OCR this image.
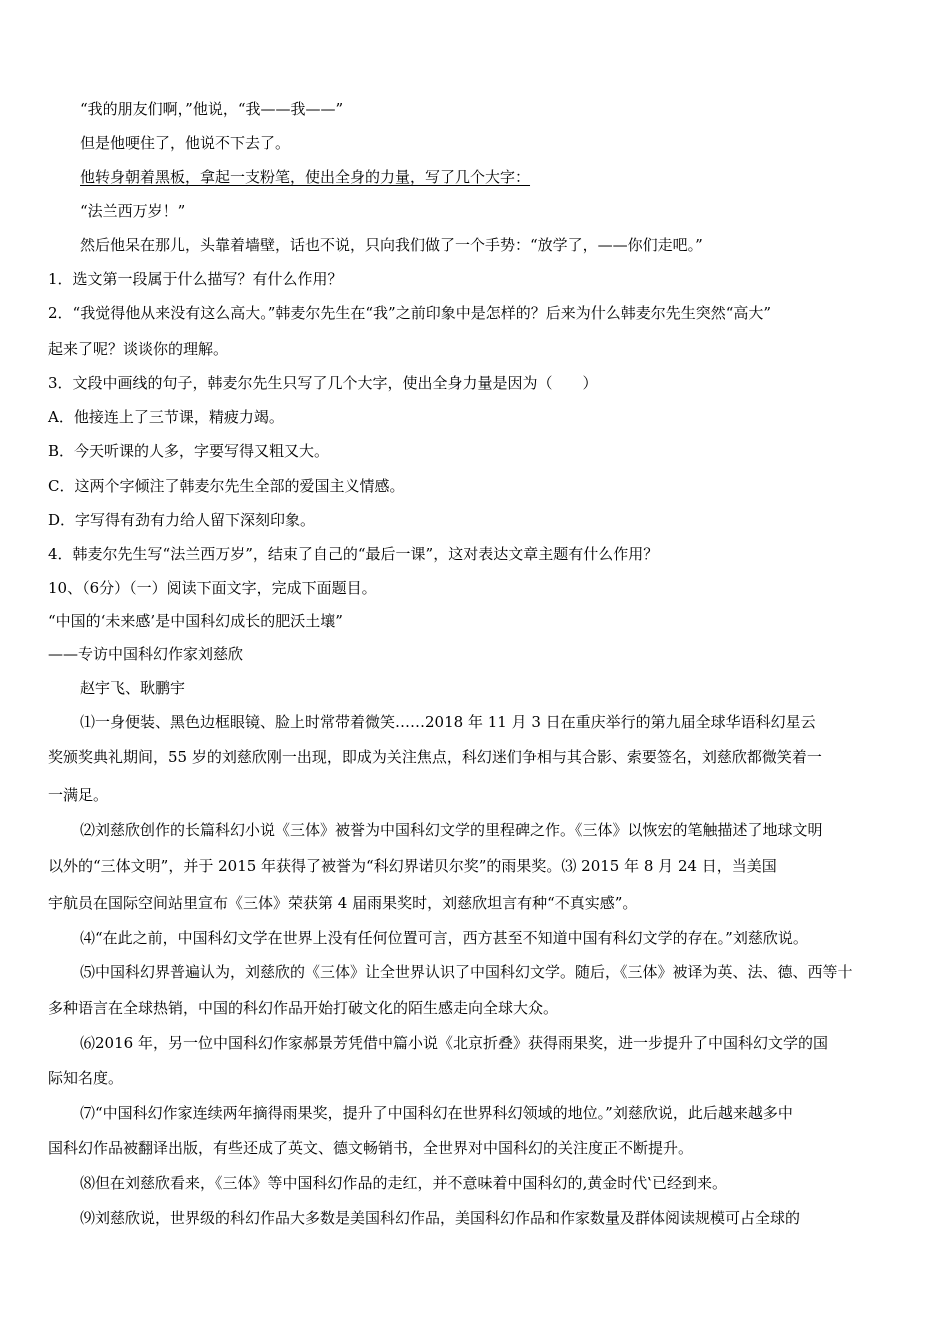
“我的朋友们啊，”他说，“我——我——”
但是他哽住了，他说不下去了。
他转身朝着黑板，拿起一支粉笔，使出全身的力量，写了几个大字：
“法兰西万岁！”
然后他呆在那儿，头靠着墙壁，话也不说，只向我们做了一个手势：“放学了，——你们走吧。”
1．选文第一段属于什么描写？有什么作用？
2．“我觉得他从来没有这么高大。”韩麦尔先生在“我”之前印象中是怎样的？后来为什么韩麦尔先生突然“高大”
起来了呢？谈谈你的理解。
3．文段中画线的句子，韩麦尔先生只写了几个大字，使出全身力量是因为（　　）
A．他接连上了三节课，精疲力竭。
B．今天听课的人多，字要写得又粗又大。
C．这两个字倾注了韩麦尔先生全部的爱国主义情感。
D．字写得有劲有力给人留下深刻印象。
4．韩麦尔先生写“法兰西万岁”，结束了自己的“最后一课”，这对表达文章主题有什么作用？
10、（6分）（一）阅读下面文字，完成下面题目。
“中国的‘未来感’是中国科幻成长的肥沃土壤”
——专访中国科幻作家刘慈欣
赵宇飞、耿鹏宇
⑴一身便装、黑色边框眼镜、脸上时常带着微笑……2018 年 11 月 3 日在重庆举行的第九届全球华语科幻星云
奖颁奖典礼期间，55 岁的刘慈欣刚一出现，即成为关注焦点，科幻迷们争相与其合影、索要签名，刘慈欣都微笑着一
一满足。
⑵刘慈欣创作的长篇科幻小说《三体》被誉为中国科幻文学的里程碑之作。《三体》以恢宏的笔触描述了地球文明
以外的“三体文明”，并于 2015 年获得了被誉为“科幻界诺贝尔奖”的雨果奖。⑶ 2015 年 8 月 24 日，当美国
宇航员在国际空间站里宣布《三体》荣获第 4 届雨果奖时，刘慈欣坦言有种“不真实感”。
⑷“在此之前，中国科幻文学在世界上没有任何位置可言，西方甚至不知道中国有科幻文学的存在。”刘慈欣说。
⑸中国科幻界普遍认为，刘慈欣的《三体》让全世界认识了中国科幻文学。随后，《三体》被译为英、法、德、西等十
多种语言在全球热销，中国的科幻作品开始打破文化的陌生感走向全球大众。
⑹2016 年，另一位中国科幻作家郝景芳凭借中篇小说《北京折叠》获得雨果奖，进一步提升了中国科幻文学的国
际知名度。
⑺“中国科幻作家连续两年摘得雨果奖，提升了中国科幻在世界科幻领域的地位。”刘慈欣说，此后越来越多中
国科幻作品被翻译出版，有些还成了英文、德文畅销书，全世界对中国科幻的关注度正不断提升。
⑻但在刘慈欣看来，《三体》等中国科幻作品的走红，并不意味着中国科幻的‚黄金时代‛已经到来。
⑼刘慈欣说，世界级的科幻作品大多数是美国科幻作品，美国科幻作品和作家数量及群体阅读规模可占全球的
